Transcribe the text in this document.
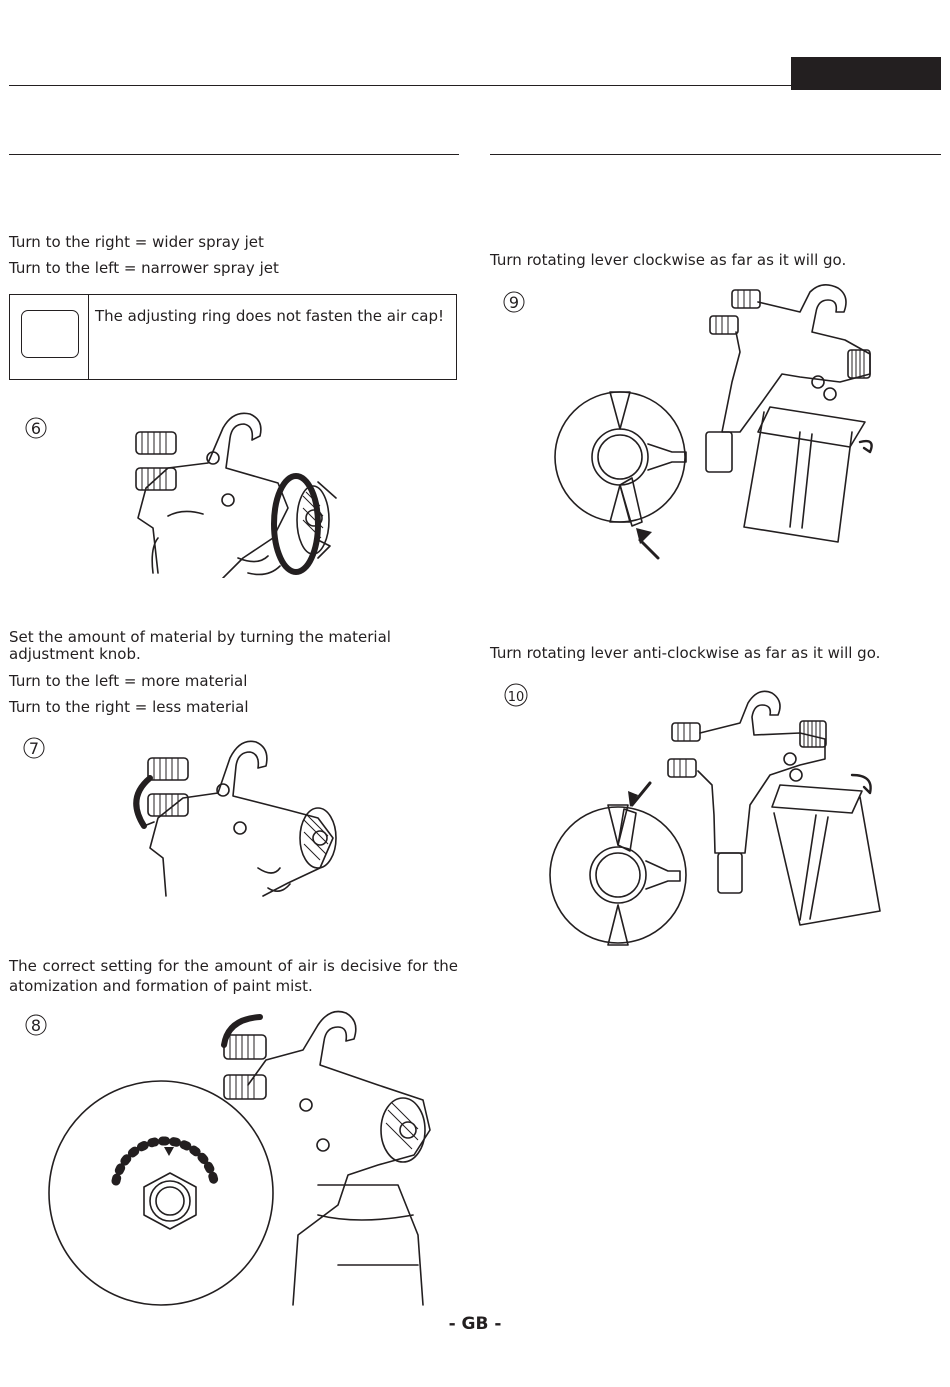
Turn to the right = wider spray jet
Turn to the left = narrower spray jet
The adjusting ring does not fasten the air cap!
6
Set the amount of material by turning the material adjustment knob.
Turn to the left = more material
Turn to the right = less material
7
The correct setting for the amount of air is decisive for the atomization and formation of paint mist.
8
Turn rotating lever clockwise as far as it will go.
9
Turn rotating lever anti-clockwise as far as it will go.
10
- GB -
